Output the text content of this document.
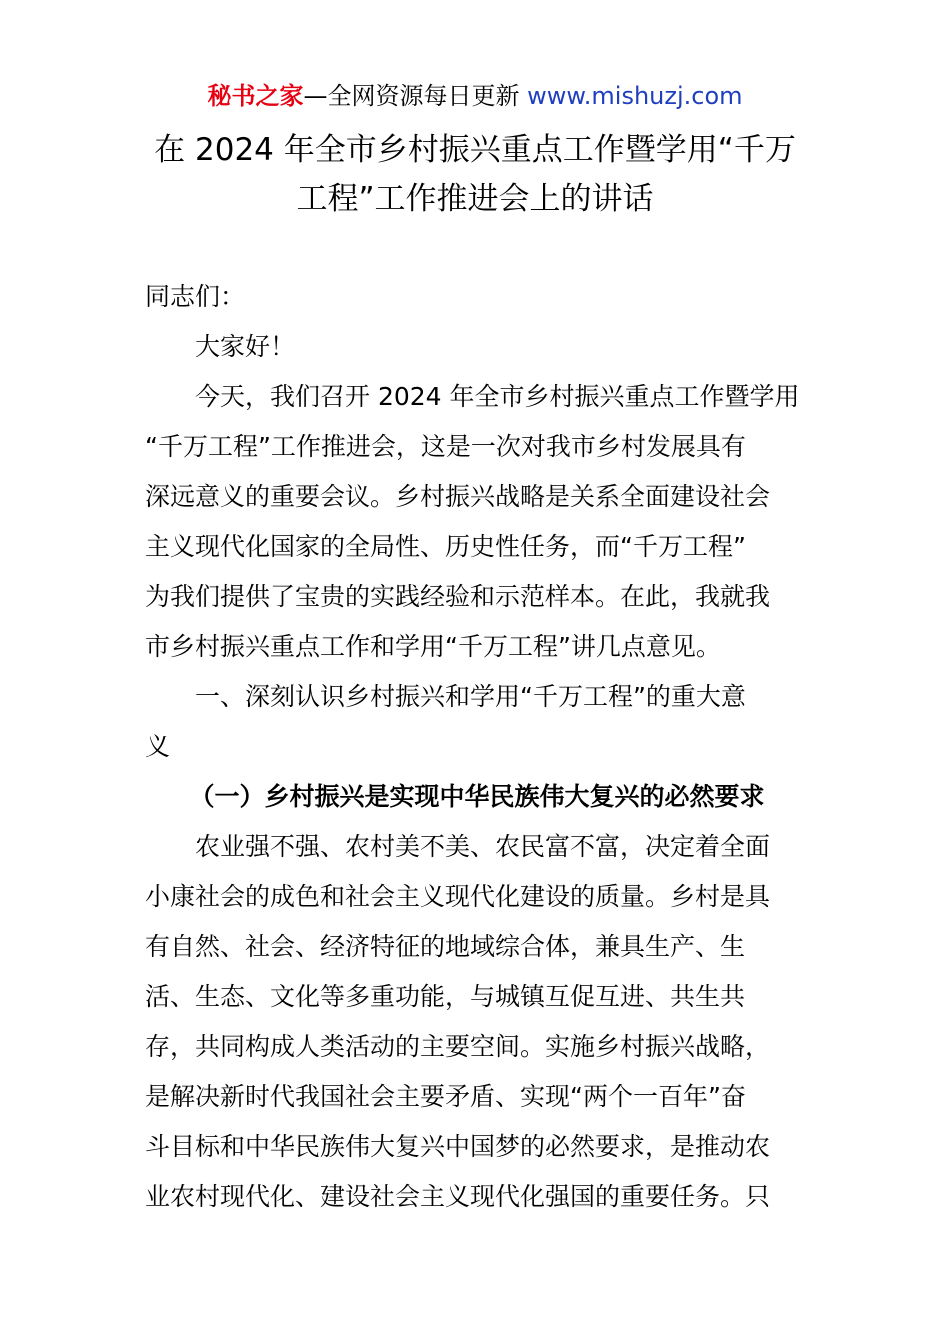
秘书之家—全网资源每日更新 www.mishuzj.com
在 2024 年全市乡村振兴重点工作暨学用“千万
工程”工作推进会上的讲话
同志们：
大家好！
今天，我们召开 2024 年全市乡村振兴重点工作暨学用
“千万工程”工作推进会，这是一次对我市乡村发展具有
深远意义的重要会议。乡村振兴战略是关系全面建设社会
主义现代化国家的全局性、历史性任务，而“千万工程”
为我们提供了宝贵的实践经验和示范样本。在此，我就我
市乡村振兴重点工作和学用“千万工程”讲几点意见。
一、深刻认识乡村振兴和学用“千万工程”的重大意
义
（一）乡村振兴是实现中华民族伟大复兴的必然要求
农业强不强、农村美不美、农民富不富，决定着全面
小康社会的成色和社会主义现代化建设的质量。乡村是具
有自然、社会、经济特征的地域综合体，兼具生产、生
活、生态、文化等多重功能，与城镇互促互进、共生共
存，共同构成人类活动的主要空间。实施乡村振兴战略，
是解决新时代我国社会主要矛盾、实现“两个一百年”奋
斗目标和中华民族伟大复兴中国梦的必然要求，是推动农
业农村现代化、建设社会主义现代化强国的重要任务。只
